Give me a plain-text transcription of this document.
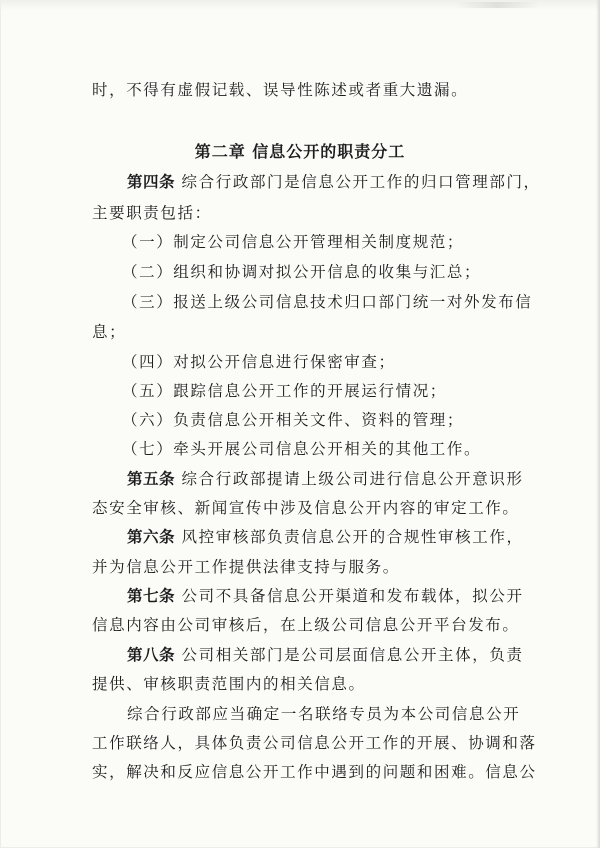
时，不得有虚假记载、误导性陈述或者重大遗漏。
第二章 信息公开的职责分工
第四条 综合行政部门是信息公开工作的归口管理部门，
主要职责包括：
（一）制定公司信息公开管理相关制度规范；
（二）组织和协调对拟公开信息的收集与汇总；
（三）报送上级公司信息技术归口部门统一对外发布信
息；
（四）对拟公开信息进行保密审查；
（五）跟踪信息公开工作的开展运行情况；
（六）负责信息公开相关文件、资料的管理；
（七）牵头开展公司信息公开相关的其他工作。
第五条 综合行政部提请上级公司进行信息公开意识形
态安全审核、新闻宣传中涉及信息公开内容的审定工作。
第六条 风控审核部负责信息公开的合规性审核工作，
并为信息公开工作提供法律支持与服务。
第七条 公司不具备信息公开渠道和发布载体，拟公开
信息内容由公司审核后，在上级公司信息公开平台发布。
第八条 公司相关部门是公司层面信息公开主体，负责
提供、审核职责范围内的相关信息。
综合行政部应当确定一名联络专员为本公司信息公开
工作联络人，具体负责公司信息公开工作的开展、协调和落
实，解决和反应信息公开工作中遇到的问题和困难。信息公
